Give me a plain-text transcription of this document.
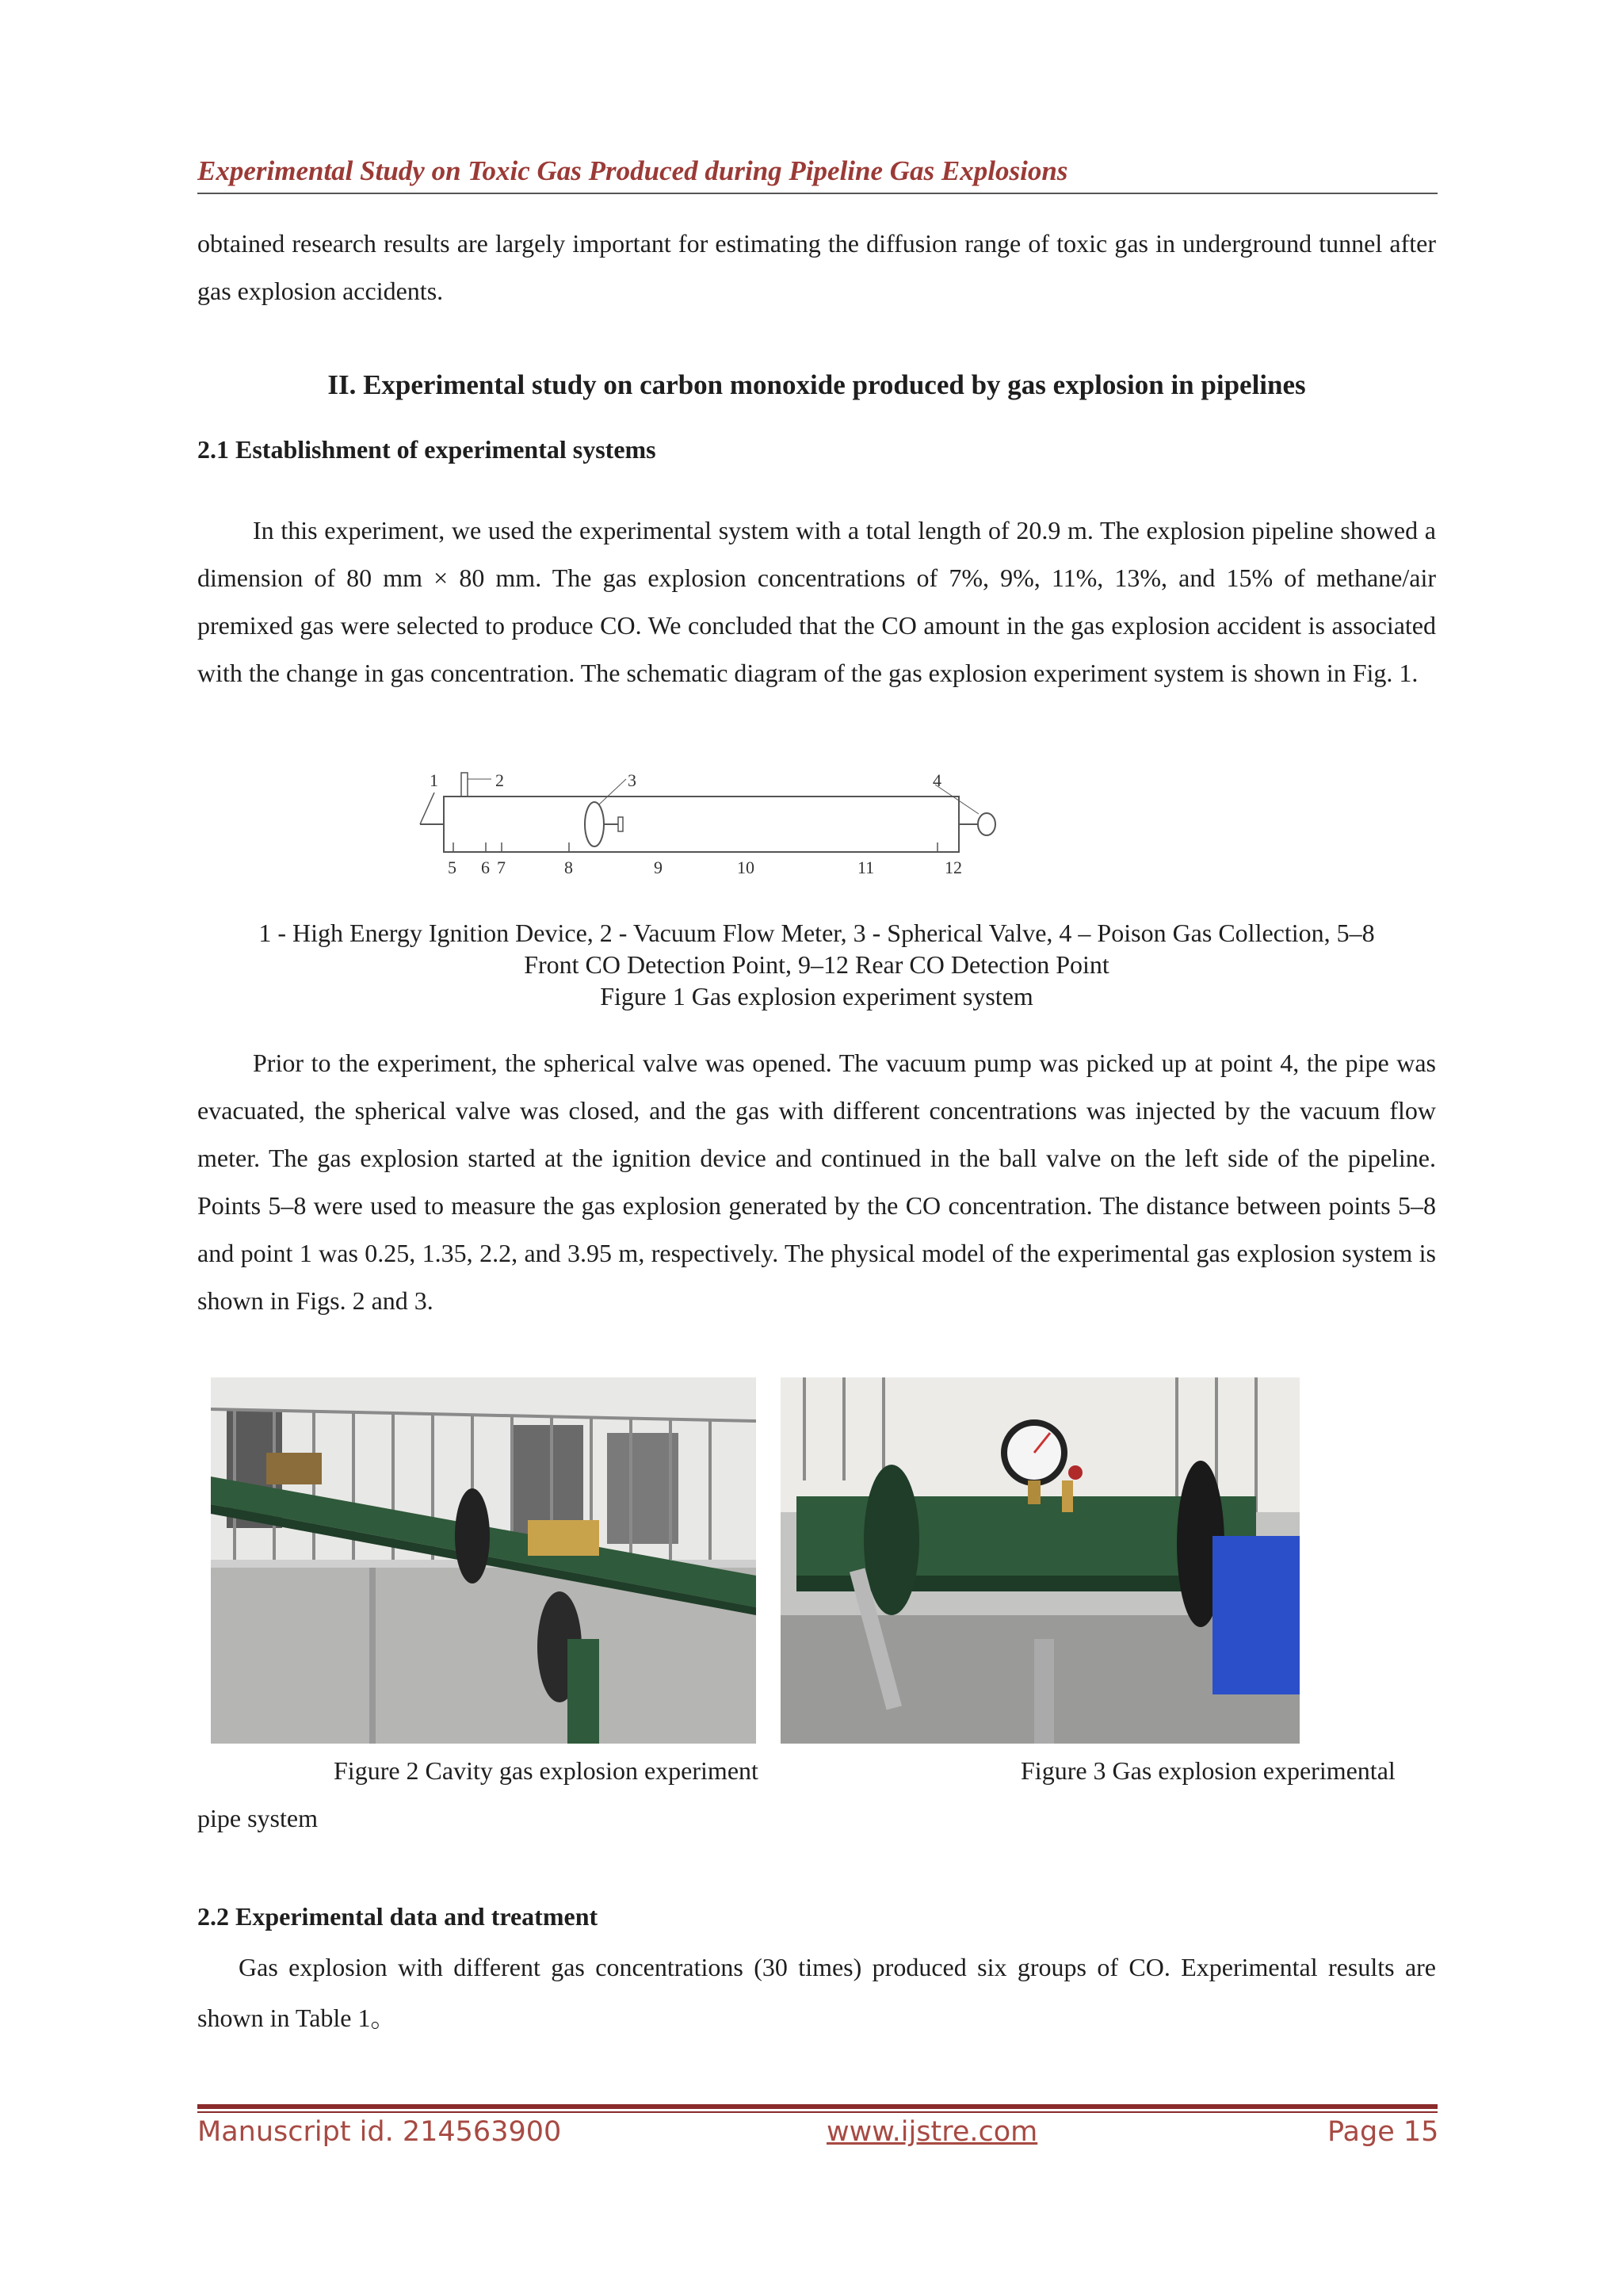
Experimental Study on Toxic Gas Produced during Pipeline Gas Explosions
obtained research results are largely important for estimating the diffusion range of toxic gas in underground tunnel after gas explosion accidents.
II. Experimental study on carbon monoxide produced by gas explosion in pipelines
2.1 Establishment of experimental systems
In this experiment, we used the experimental system with a total length of 20.9 m. The explosion pipeline showed a dimension of 80 mm × 80 mm. The gas explosion concentrations of 7%, 9%, 11%, 13%, and 15% of methane/air premixed gas were selected to produce CO. We concluded that the CO amount in the gas explosion accident is associated with the change in gas concentration. The schematic diagram of the gas explosion experiment system is shown in Fig. 1.
1	2	3	4
5 6 7	8	9	10	11	12
1 - High Energy Ignition Device, 2 - Vacuum Flow Meter, 3 - Spherical Valve, 4 – Poison Gas Collection, 5–8
Front CO Detection Point, 9–12 Rear CO Detection Point
Figure 1 Gas explosion experiment system
Prior to the experiment, the spherical valve was opened. The vacuum pump was picked up at point 4, the pipe was evacuated, the spherical valve was closed, and the gas with different concentrations was injected by the vacuum flow meter. The gas explosion started at the ignition device and continued in the ball valve on the left side of the pipeline. Points 5–8 were used to measure the gas explosion generated by the CO concentration. The distance between points 5–8 and point 1 was 0.25, 1.35, 2.2, and 3.95 m, respectively. The physical model of the experimental gas explosion system is shown in Figs. 2 and 3.
Figure 2 Cavity gas explosion experiment	Figure 3 Gas explosion experimental
pipe system
2.2 Experimental data and treatment
Gas explosion with different gas concentrations (30 times) produced six groups of CO. Experimental results are shown in Table 1。
Manuscript id. 214563900	www.ijstre.com	Page 15
